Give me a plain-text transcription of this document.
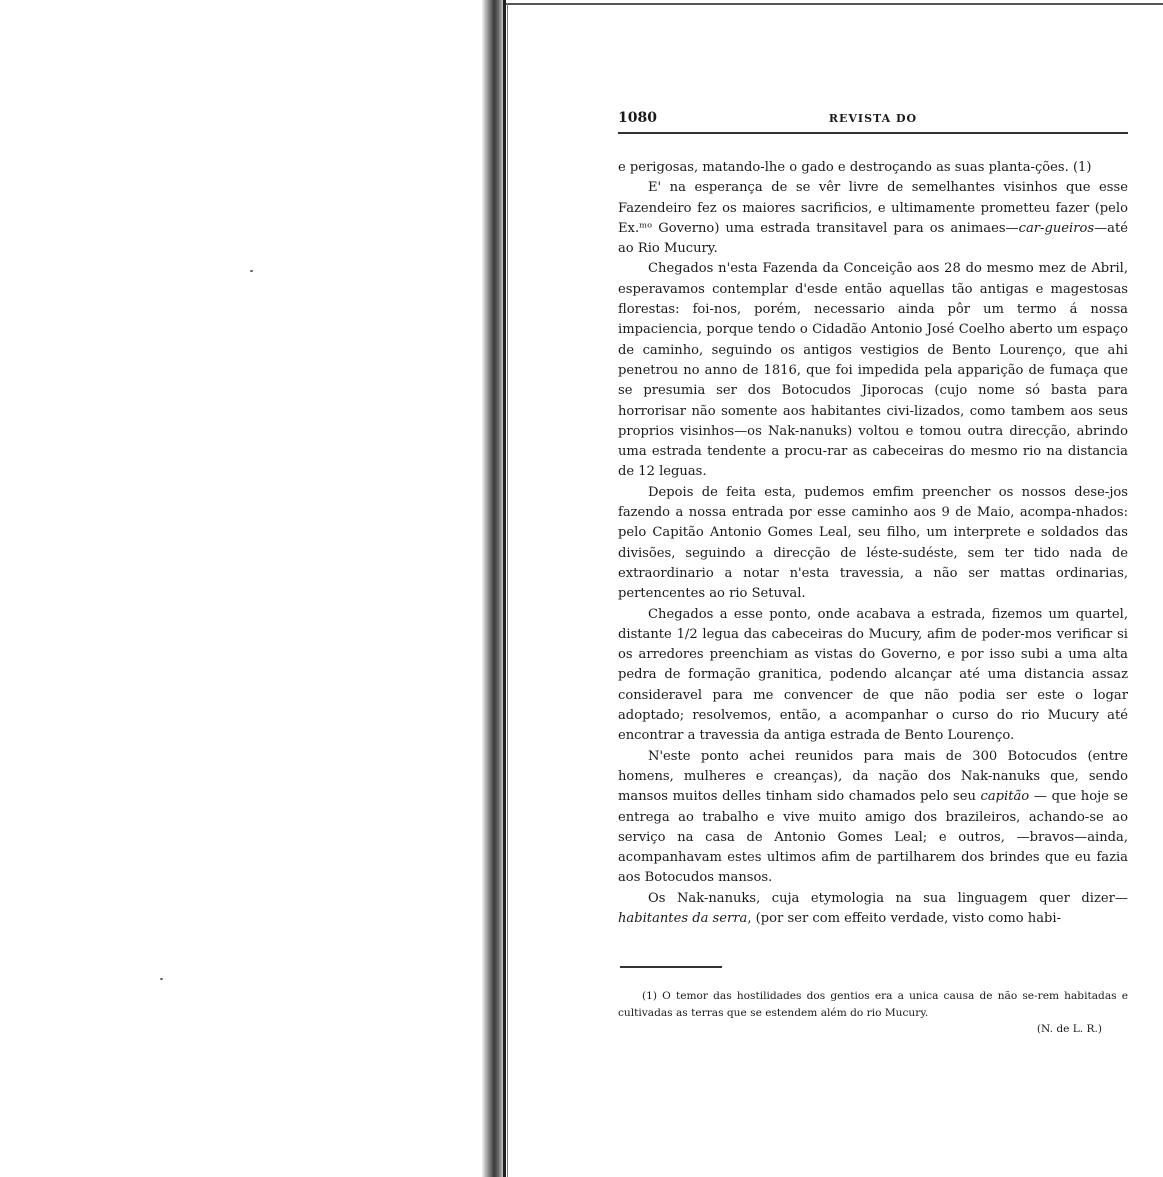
1080	REVISTA DO

e perigosas, matando-lhe o gado e destroçando as suas planta-ções. (1)

E' na esperança de se vêr livre de semelhantes visinhos que esse Fazendeiro fez os maiores sacrificios, e ultimamente prometteu fazer (pelo Ex.ᵐᵒ Governo) uma estrada transitavel para os animaes—car-gueiros—até ao Rio Mucury.

Chegados n'esta Fazenda da Conceição aos 28 do mesmo mez de Abril, esperavamos contemplar d'esde então aquellas tão antigas e magestosas florestas: foi-nos, porém, necessario ainda pôr um termo á nossa impaciencia, porque tendo o Cidadão Antonio José Coelho aberto um espaço de caminho, seguindo os antigos vestigios de Bento Lourenço, que ahi penetrou no anno de 1816, que foi impedida pela apparição de fumaça que se presumia ser dos Botocudos Jiporocas (cujo nome só basta para horrorisar não somente aos habitantes civi-lizados, como tambem aos seus proprios visinhos—os Nak-nanuks) voltou e tomou outra direcção, abrindo uma estrada tendente a procu-rar as cabeceiras do mesmo rio na distancia de 12 leguas.

Depois de feita esta, pudemos emfim preencher os nossos dese-jos fazendo a nossa entrada por esse caminho aos 9 de Maio, acompa-nhados: pelo Capitão Antonio Gomes Leal, seu filho, um interprete e soldados das divisões, seguindo a direcção de léste-sudéste, sem ter tido nada de extraordinario a notar n'esta travessia, a não ser mattas ordinarias, pertencentes ao rio Setuval.

Chegados a esse ponto, onde acabava a estrada, fizemos um quartel, distante 1/2 legua das cabeceiras do Mucury, afim de poder-mos verificar si os arredores preenchiam as vistas do Governo, e por isso subi a uma alta pedra de formação granitica, podendo alcançar até uma distancia assaz consideravel para me convencer de que não podia ser este o logar adoptado; resolvemos, então, a acompanhar o curso do rio Mucury até encontrar a travessia da antiga estrada de Bento Lourenço.

N'este ponto achei reunidos para mais de 300 Botocudos (entre homens, mulheres e creanças), da nação dos Nak-nanuks que, sendo mansos muitos delles tinham sido chamados pelo seu capitão — que hoje se entrega ao trabalho e vive muito amigo dos brazileiros, achando-se ao serviço na casa de Antonio Gomes Leal; e outros, —bravos—ainda, acompanhavam estes ultimos afim de partilharem dos brindes que eu fazia aos Botocudos mansos.

Os Nak-nanuks, cuja etymologia na sua linguagem quer dizer—habitantes da serra, (por ser com effeito verdade, visto como habi-

(1) O temor das hostilidades dos gentios era a unica causa de não se-rem habitadas e cultivadas as terras que se estendem além do rio Mucury.

(N. de L. R.)
